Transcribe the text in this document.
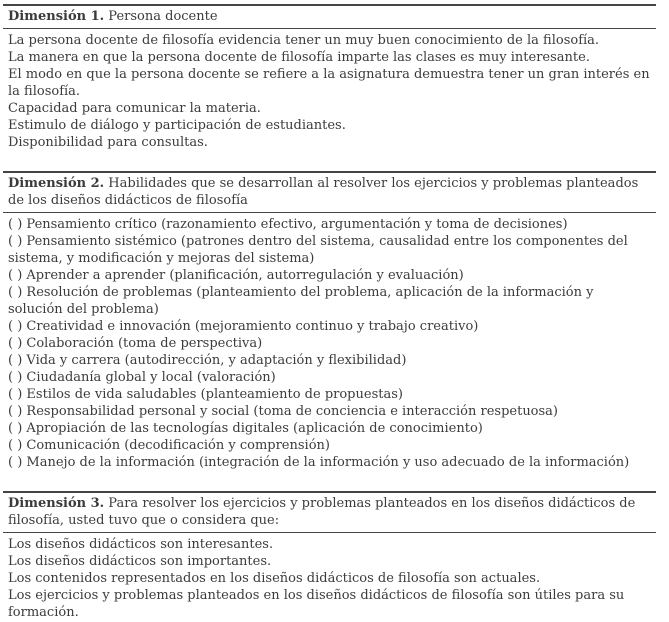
Dimensión 1. Persona docente
La persona docente de filosofía evidencia tener un muy buen conocimiento de la filosofía.
La manera en que la persona docente de filosofía imparte las clases es muy interesante.
El modo en que la persona docente se refiere a la asignatura demuestra tener un gran interés en la filosofía.
Capacidad para comunicar la materia.
Estimulo de diálogo y participación de estudiantes.
Disponibilidad para consultas.
Dimensión 2. Habilidades que se desarrollan al resolver los ejercicios y problemas planteados de los diseños didácticos de filosofía
( ) Pensamiento crítico (razonamiento efectivo, argumentación y toma de decisiones)
( ) Pensamiento sistémico (patrones dentro del sistema, causalidad entre los componentes del sistema, y modificación y mejoras del sistema)
( ) Aprender a aprender (planificación, autorregulación y evaluación)
( ) Resolución de problemas (planteamiento del problema, aplicación de la información y solución del problema)
( ) Creatividad e innovación (mejoramiento continuo y trabajo creativo)
( ) Colaboración (toma de perspectiva)
( ) Vida y carrera (autodirección, y adaptación y flexibilidad)
( ) Ciudadanía global y local (valoración)
( ) Estilos de vida saludables (planteamiento de propuestas)
( ) Responsabilidad personal y social (toma de conciencia e interacción respetuosa)
( ) Apropiación de las tecnologías digitales (aplicación de conocimiento)
( ) Comunicación (decodificación y comprensión)
( ) Manejo de la información (integración de la información y uso adecuado de la información)
Dimensión 3. Para resolver los ejercicios y problemas planteados en los diseños didácticos de filosofía, usted tuvo que o considera que:
Los diseños didácticos son interesantes.
Los diseños didácticos son importantes.
Los contenidos representados en los diseños didácticos de filosofía son actuales.
Los ejercicios y problemas planteados en los diseños didácticos de filosofía son útiles para su formación.
